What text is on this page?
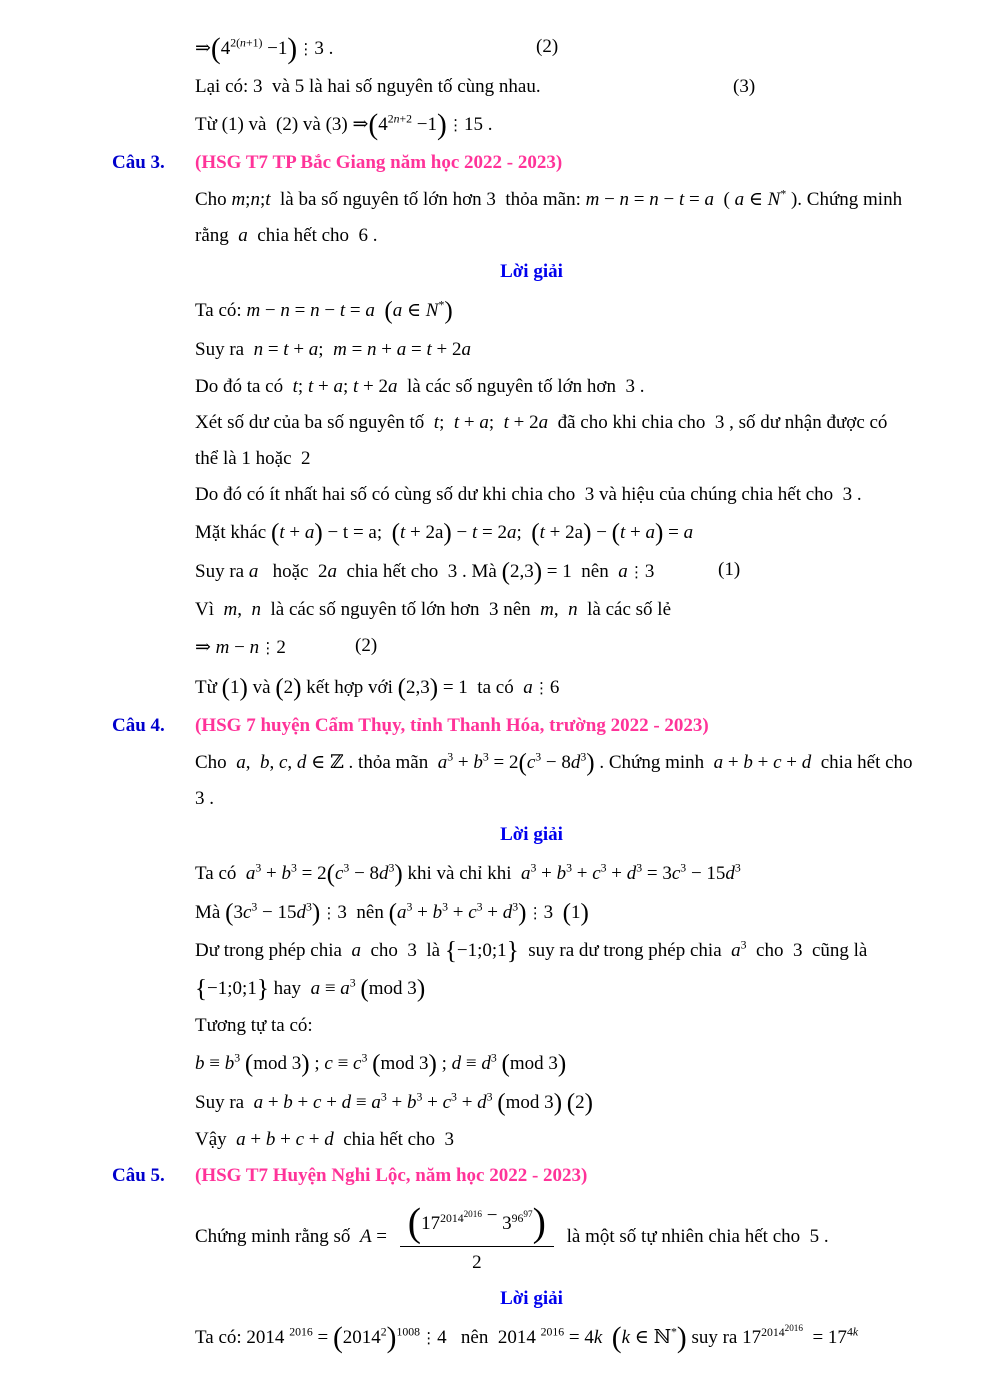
$\Rightarrow(4^{2(n+1)}$ −1)⋮3 .	(2)
Lại có: 3  và 5 là hai số nguyên tố cùng nhau.	(3)
Từ (1) và  (2) và (3) $\Rightarrow(4^{2n+2}$ −1)⋮15 .
Câu 3. (HSG T7 TP Bắc Giang năm học 2022 - 2023)
Cho m;n;t  là ba số nguyên tố lớn hơn 3  thỏa mãn: m − n = n − t = a  ( a ∈ N* ). Chứng minh
rằng  a  chia hết cho  6 .
Lời giải
Ta có: m − n = n − t = a (a ∈ N*)
Suy ra  n = t + a;  m = n + a = t + 2a
Do đó ta có  t; t + a; t + 2a  là các số nguyên tố lớn hơn  3 .
Xét số dư của ba số nguyên tố  t;  t + a;  t + 2a  đã cho khi chia cho  3 , số dư nhận được có
thể là 1 hoặc  2
Do đó có ít nhất hai số có cùng số dư khi chia cho  3 và hiệu của chúng chia hết cho  3 .
Mặt khác (t + a) − t = a;  (t + 2a) − t = 2a;  (t + 2a) − (t + a) = a
Suy ra a   hoặc  2a  chia hết cho  3 . Mà (2,3) = 1  nên  a⋮3	(1)
Vì  m,  n  là các số nguyên tố lớn hơn  3 nên  m,  n  là các số lẻ
⇒ m − n⋮2	(2)
Từ (1) và (2) kết hợp với (2,3) = 1  ta có  a⋮6
Câu 4. (HSG 7 huyện Cẩm Thụy, tỉnh Thanh Hóa, trường 2022 - 2023)
Cho  a,  b, c, d ∈ ℤ . thỏa mãn  $a^3 + b^3 = 2(c^3 - 8d^3)$ . Chứng minh  a + b + c + d  chia hết cho
3 .
Lời giải
Ta có  $a^3 + b^3 = 2(c^3 - 8d^3)$ khi và chỉ khi  $a^3 + b^3 + c^3 + d^3 = 3c^3 - 15d^3$
Mà ($3c^3$ − $15d^3)⋮3$  nên ($a^3 + b^3 + c^3$ + $d^3)⋮3$  (1)
Dư trong phép chia  a  cho  3  là {−1;0;1}  suy ra dư trong phép chia  $a^3$  cho  3  cũng là
{−1;0;1} hay  $a \equiv a^3$ (mod 3)
Tương tự ta có:
$b \equiv b^3$ (mod 3) ; $c \equiv c^3$ (mod 3) ; $d \equiv d^3$ (mod 3)
Suy ra  $a + b + c + d \equiv a^3 + b^3 + c^3 + d^3$ (mod 3) (2)
Vậy  a + b + c + d  chia hết cho  3
Câu 5. (HSG T7 Huyện Nghi Lộc, năm học 2022 - 2023)
Chứng minh rằng số  $A = \frac{(17^{2014^{2016}} - 3^{96^{97}})}{2}$ là một số tự nhiên chia hết cho  5 .
Lời giải
Ta có: 2014 $^{2016} = (2014^2)^{1008}⋮4$   nên  2014 $^{2016}$ = 4k (k ∈ ℕ*) suy ra $17^{2014^{2016}} = 17^{4k}$
